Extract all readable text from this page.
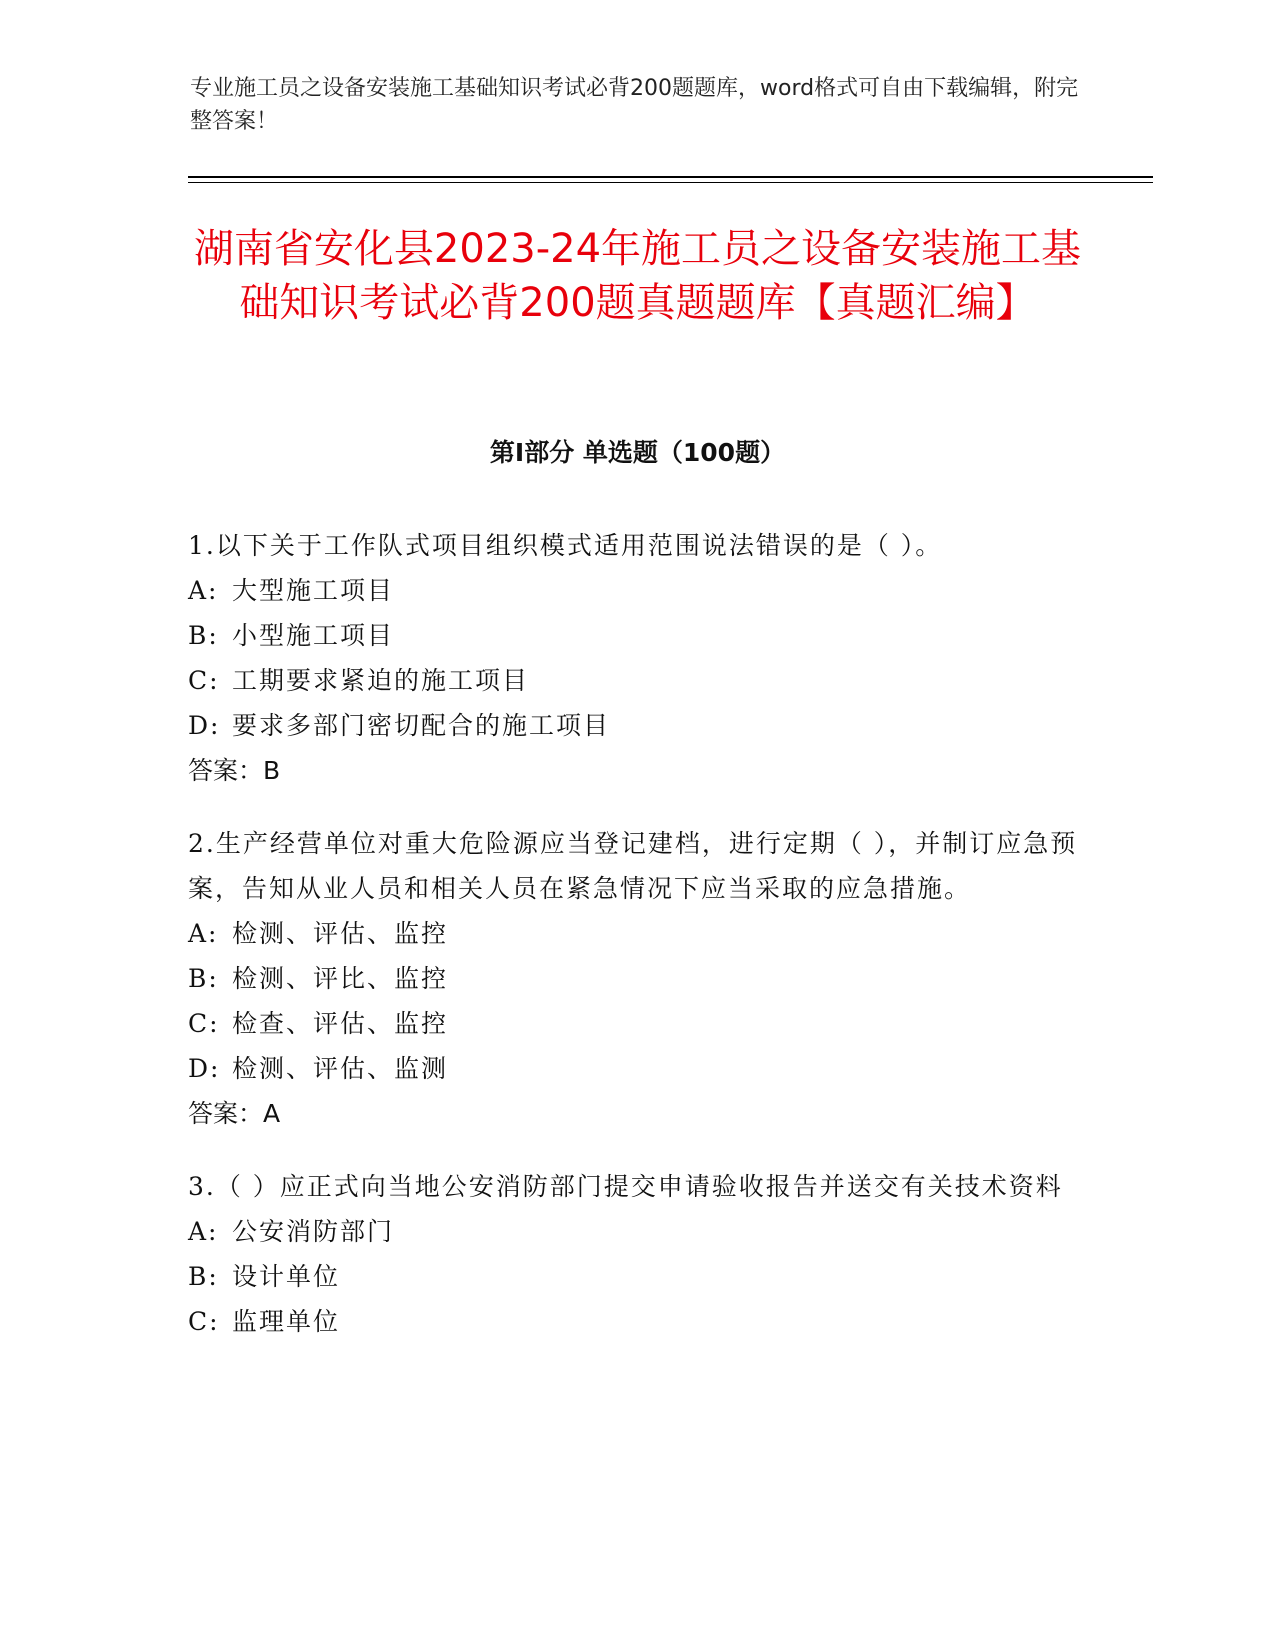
专业施工员之设备安装施工基础知识考试必背200题题库，word格式可自由下载编辑，附完整答案！
湖南省安化县2023-24年施工员之设备安装施工基础知识考试必背200题真题题库【真题汇编】
第I部分 单选题（100题）

1.以下关于工作队式项目组织模式适用范围说法错误的是（ ）。

A: 大型施工项目

B: 小型施工项目

C: 工期要求紧迫的施工项目

D: 要求多部门密切配合的施工项目

答案：B

2.生产经营单位对重大危险源应当登记建档，进行定期（ ），并制订应急预案，告知从业人员和相关人员在紧急情况下应当采取的应急措施。

A: 检测、评估、监控

B: 检测、评比、监控

C: 检查、评估、监控

D: 检测、评估、监测

答案：A

3.（ ）应正式向当地公安消防部门提交申请验收报告并送交有关技术资料

A: 公安消防部门

B: 设计单位

C: 监理单位
